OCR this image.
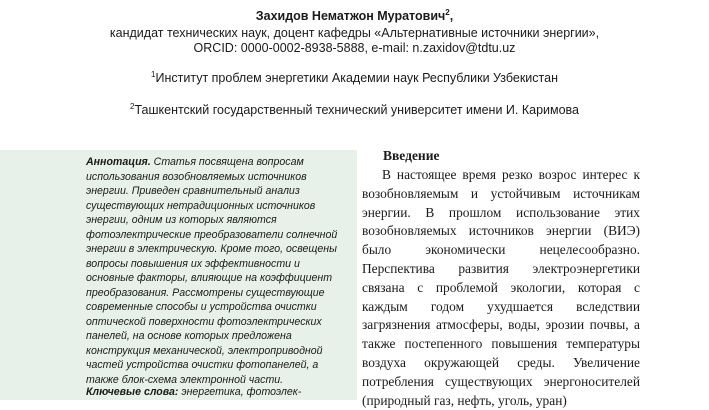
Захидов Нематжон Муратович$^2$,
кандидат технических наук, доцент кафедры «Альтернативные источники энергии»,
ORCID: 0000-0002-8938-5888, e-mail: n.zaxidov@tdtu.uz
$^1$Институт проблем энергетики Академии наук Республики Узбекистан
$^2$Ташкентский государственный технический университет имени И. Каримова

Аннотация. Статья посвящена вопросам использования возобновляемых источников энергии. Приведен сравнительный анализ существующих нетрадиционных источников энергии, одним из которых являются фотоэлектрические преобразователи солнечной энергии в электрическую. Кроме того, освещены вопросы повышения их эффективности и основные факторы, влияющие на коэффициент преобразования. Рассмотрены существующие современные способы и устройства очистки оптической поверхности фотоэлектрических панелей, на основе которых предложена конструкция механической, электроприводной частей устройства очистки фотопанелей, а также блок-схема электронной части.

Ключевые слова: энергетика, фотоэлек-

Введение

В настоящее время резко возрос интерес к возобновляемым и устойчивым источникам энергии. В прошлом использование этих возобновляемых источников энергии (ВИЭ) было экономически нецелесообразно. Перспектива развития электроэнергетики связана с проблемой экологии, которая с каждым годом ухудшается вследствии загрязнения атмосферы, воды, эрозии почвы, а также постепенного повышения температуры воздуха окружающей среды. Увеличение потребления существующих энергоносителей (природный газ, нефть, уголь, уран)
